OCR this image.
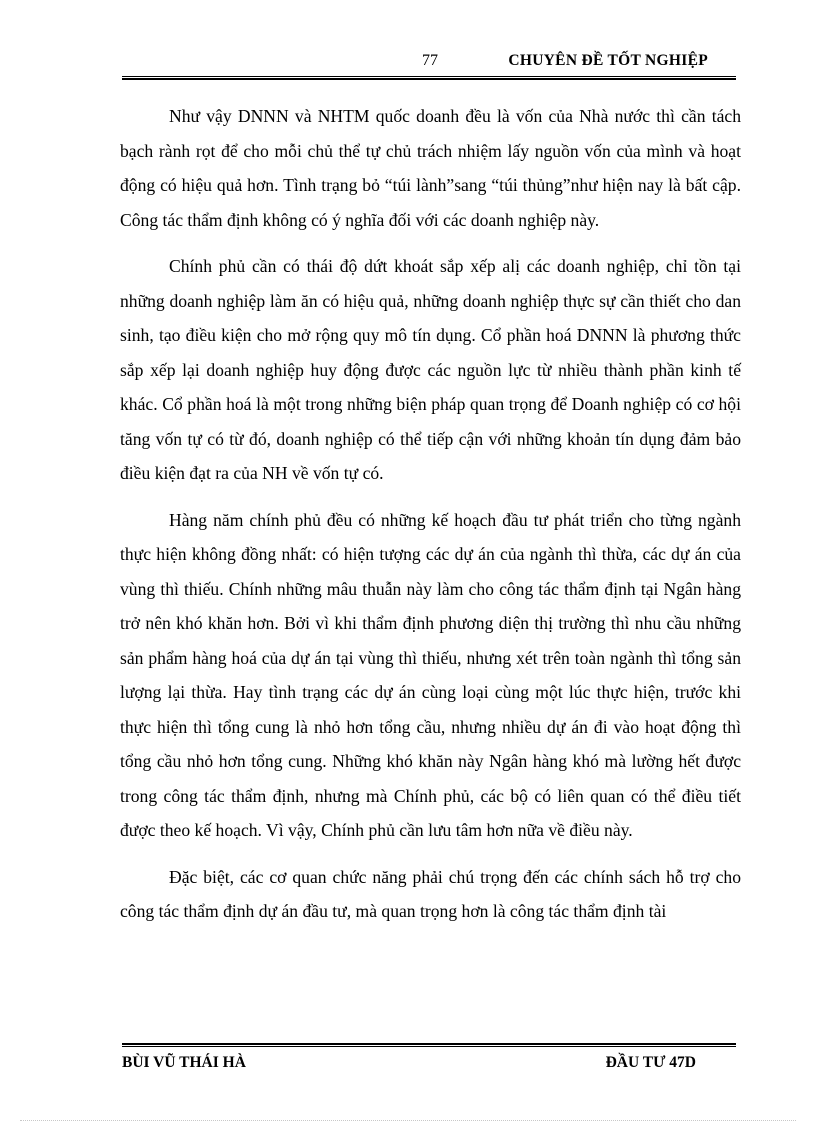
77	CHUYÊN ĐỀ TỐT NGHIỆP

Như vậy DNNN và NHTM quốc doanh đều là vốn của Nhà nước thì cần tách bạch rành rọt để cho mỗi chủ thể tự chủ trách nhiệm lấy nguồn vốn của mình và hoạt động có hiệu quả hơn. Tình trạng bỏ “túi lành”sang “túi thủng”như hiện nay là bất cập. Công tác thẩm định không có ý nghĩa đối với các doanh nghiệp này.

Chính phủ cần có thái độ dứt khoát sắp xếp alị các doanh nghiệp, chỉ tồn tại những doanh nghiệp làm ăn có hiệu quả, những doanh nghiệp thực sự cần thiết cho dan sinh, tạo điều kiện cho mở rộng quy mô tín dụng. Cổ phần hoá DNNN là phương thức sắp xếp lại doanh nghiệp huy động được các nguồn lực từ nhiều thành phần kinh tế khác. Cổ phần hoá là một trong những biện pháp quan trọng để Doanh nghiệp có cơ hội tăng vốn tự có từ đó, doanh nghiệp có thể tiếp cận với những khoản tín dụng đảm bảo điều kiện đạt ra của NH về vốn tự có.

Hàng năm chính phủ đều có những kế hoạch đầu tư phát triển cho từng ngành thực hiện không đồng nhất: có hiện tượng các dự án của ngành thì thừa, các dự án của vùng thì thiếu. Chính những mâu thuẫn này làm cho công tác thẩm định tại Ngân hàng trở nên khó khăn hơn. Bởi vì khi thẩm định phương diện thị trường thì nhu cầu những sản phẩm hàng hoá của dự án tại vùng thì thiếu, nhưng xét trên toàn ngành thì tổng sản lượng lại thừa. Hay tình trạng các dự án cùng loại cùng một lúc thực hiện, trước khi thực hiện thì tổng cung là nhỏ hơn tổng cầu, nhưng nhiều dự án đi vào hoạt động thì tổng cầu nhỏ hơn tổng cung. Những khó khăn này Ngân hàng khó mà lường hết được trong công tác thẩm định, nhưng mà Chính phủ, các bộ có liên quan có thể điều tiết được theo kế hoạch. Vì vậy, Chính phủ cần lưu tâm hơn nữa về điều này.

Đặc biệt, các cơ quan chức năng phải chú trọng đến các chính sách hỗ trợ cho công tác thẩm định dự án đầu tư, mà quan trọng hơn là công tác thẩm định tài

BÙI VŨ THÁI HÀ	ĐẦU TƯ 47D
